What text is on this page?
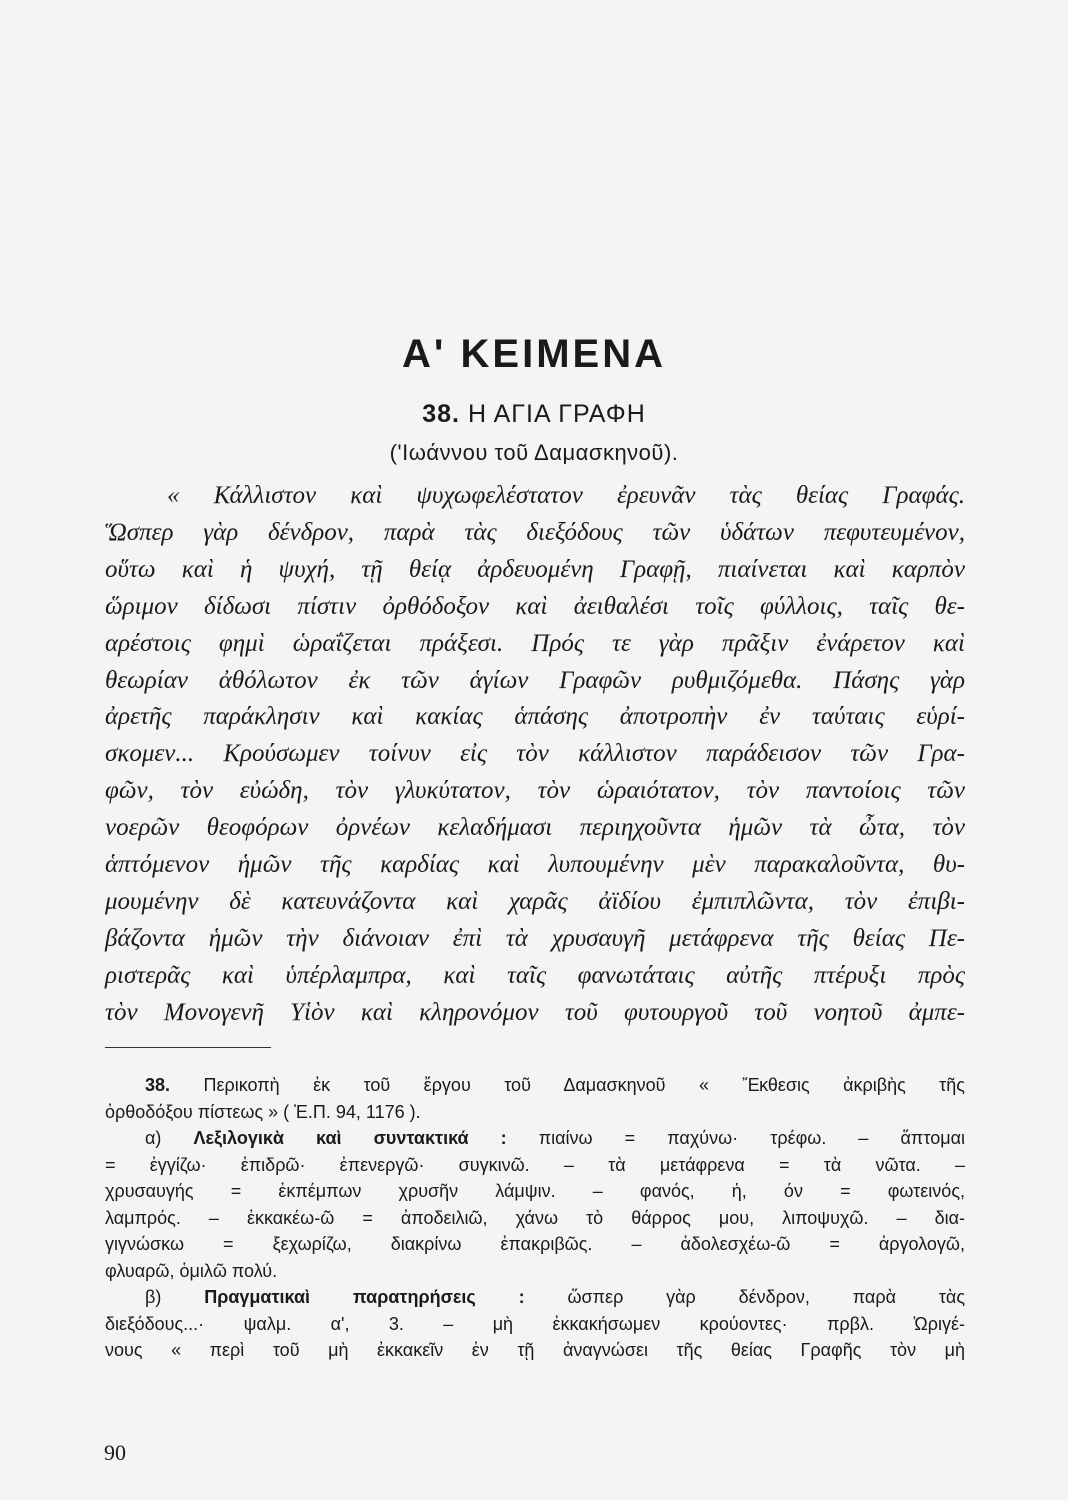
Α' ΚΕΙΜΕΝΑ
38. Η ΑΓΙΑ ΓΡΑΦΗ
('Ιωάννου τοῦ Δαμασκηνοῦ).
« Κάλλιστον καὶ ψυχωφελέστατον ἐρευνᾶν τὰς θείας Γραφάς.
Ὥσπερ γὰρ δένδρον, παρὰ τὰς διεξόδους τῶν ὑδάτων πεφυτευμένον,
οὕτω καὶ ἡ ψυχή, τῇ θείᾳ ἀρδευομένη Γραφῇ, πιαίνεται καὶ καρπὸν
ὥριμον δίδωσι πίστιν ὀρθόδοξον καὶ ἀειθαλέσι τοῖς φύλλοις, ταῖς θε-
αρέστοις φημὶ ὡραΐζεται πράξεσι. Πρός τε γὰρ πρᾶξιν ἐνάρετον καὶ
θεωρίαν ἀθόλωτον ἐκ τῶν ἁγίων Γραφῶν ρυθμιζόμεθα. Πάσης γὰρ
ἀρετῆς παράκλησιν καὶ κακίας ἁπάσης ἀποτροπὴν ἐν ταύταις εὑρί-
σκομεν... Κρούσωμεν τοίνυν εἰς τὸν κάλλιστον παράδεισον τῶν Γρα-
φῶν, τὸν εὐώδη, τὸν γλυκύτατον, τὸν ὡραιότατον, τὸν παντοίοις τῶν
νοερῶν θεοφόρων ὀρνέων κελαδήμασι περιηχοῦντα ἡμῶν τὰ ὦτα, τὸν
ἁπτόμενον ἡμῶν τῆς καρδίας καὶ λυπουμένην μὲν παρακαλοῦντα, θυ-
μουμένην δὲ κατευνάζοντα καὶ χαρᾶς ἀϊδίου ἐμπιπλῶντα, τὸν ἐπιβι-
βάζοντα ἡμῶν τὴν διάνοιαν ἐπὶ τὰ χρυσαυγῆ μετάφρενα τῆς θείας Πε-
ριστερᾶς καὶ ὑπέρλαμπρα, καὶ ταῖς φανωτάταις αὐτῆς πτέρυξι πρὸς
τὸν Μονογενῆ Υἱὸν καὶ κληρονόμον τοῦ φυτουργοῦ τοῦ νοητοῦ ἀμπε-
38. Περικοπὴ ἐκ τοῦ ἔργου τοῦ Δαμασκηνοῦ « Ἔκθεσις ἀκριβὴς τῆς
ὀρθοδόξου πίστεως » ( Ἑ.Π. 94, 1176 ).
α) Λεξιλογικὰ καὶ συντακτικά : πιαίνω = παχύνω· τρέφω. – ἅπτομαι
= ἐγγίζω· ἐπιδρῶ· ἐπενεργῶ· συγκινῶ. – τὰ μετάφρενα = τὰ νῶτα. –
χρυσαυγής = ἐκπέμπων χρυσῆν λάμψιν. – φανός, ἡ, όν = φωτεινός,
λαμπρός. – ἐκκακέω-ῶ = ἀποδειλιῶ, χάνω τὸ θάρρος μου, λιποψυχῶ. – δια-
γιγνώσκω = ξεχωρίζω, διακρίνω ἐπακριβῶς. – ἀδολεσχέω-ῶ = ἀργολογῶ,
φλυαρῶ, ὁμιλῶ πολύ.
β) Πραγματικαὶ παρατηρήσεις : ὥσπερ γὰρ δένδρον, παρὰ τὰς
διεξόδους...· ψαλμ. α', 3. – μὴ ἐκκακήσωμεν κρούοντες· πρβλ. Ὠριγέ-
νους « περὶ τοῦ μὴ ἐκκακεῖν ἐν τῇ ἀναγνώσει τῆς θείας Γραφῆς τὸν μὴ
90
